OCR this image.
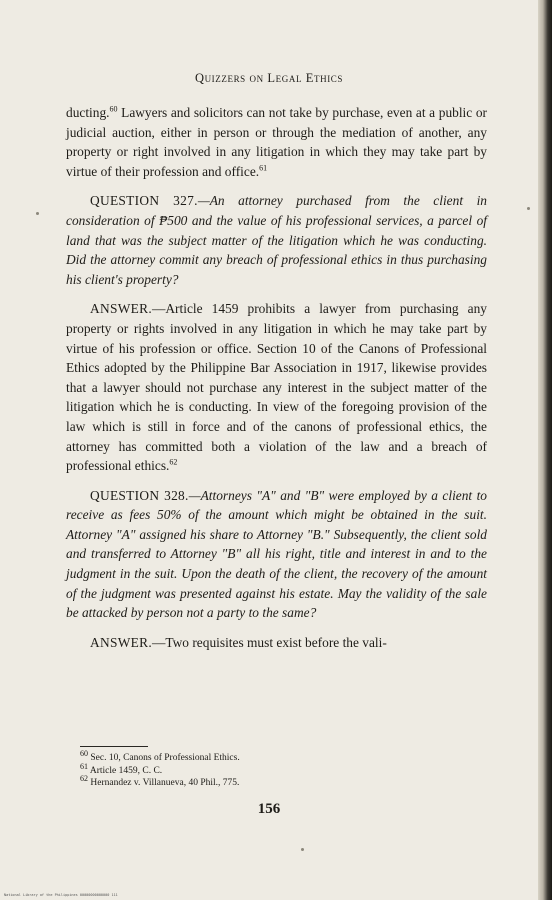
Quizzers on Legal Ethics

ducting.$^{60}$ Lawyers and solicitors can not take by purchase, even at a public or judicial auction, either in person or through the mediation of another, any property or right involved in any litigation in which they may take part by virtue of their profession and office.$^{61}$

QUESTION 327.—An attorney purchased from the client in consideration of ₱500 and the value of his professional services, a parcel of land that was the subject matter of the litigation which he was conducting. Did the attorney commit any breach of professional ethics in thus purchasing his client's property?

ANSWER.—Article 1459 prohibits a lawyer from purchasing any property or rights involved in any litigation in which he may take part by virtue of his profession or office. Section 10 of the Canons of Professional Ethics adopted by the Philippine Bar Association in 1917, likewise provides that a lawyer should not purchase any interest in the subject matter of the litigation which he is conducting. In view of the foregoing provision of the law which is still in force and of the canons of professional ethics, the attorney has committed both a violation of the law and a breach of professional ethics.$^{62}$

QUESTION 328.—Attorneys "A" and "B" were employed by a client to receive as fees 50% of the amount which might be obtained in the suit. Attorney "A" assigned his share to Attorney "B." Subsequently, the client sold and transferred to Attorney "B" all his right, title and interest in and to the judgment in the suit. Upon the death of the client, the recovery of the amount of the judgment was presented against his estate. May the validity of the sale be attacked by person not a party to the same?

ANSWER.—Two requisites must exist before the vali-

$^{60}$ Sec. 10, Canons of Professional Ethics.
$^{61}$ Article 1459, C. C.
$^{62}$ Hernandez v. Villanueva, 40 Phil., 775.
156
National Library of the Philippines 00000000000000 111
